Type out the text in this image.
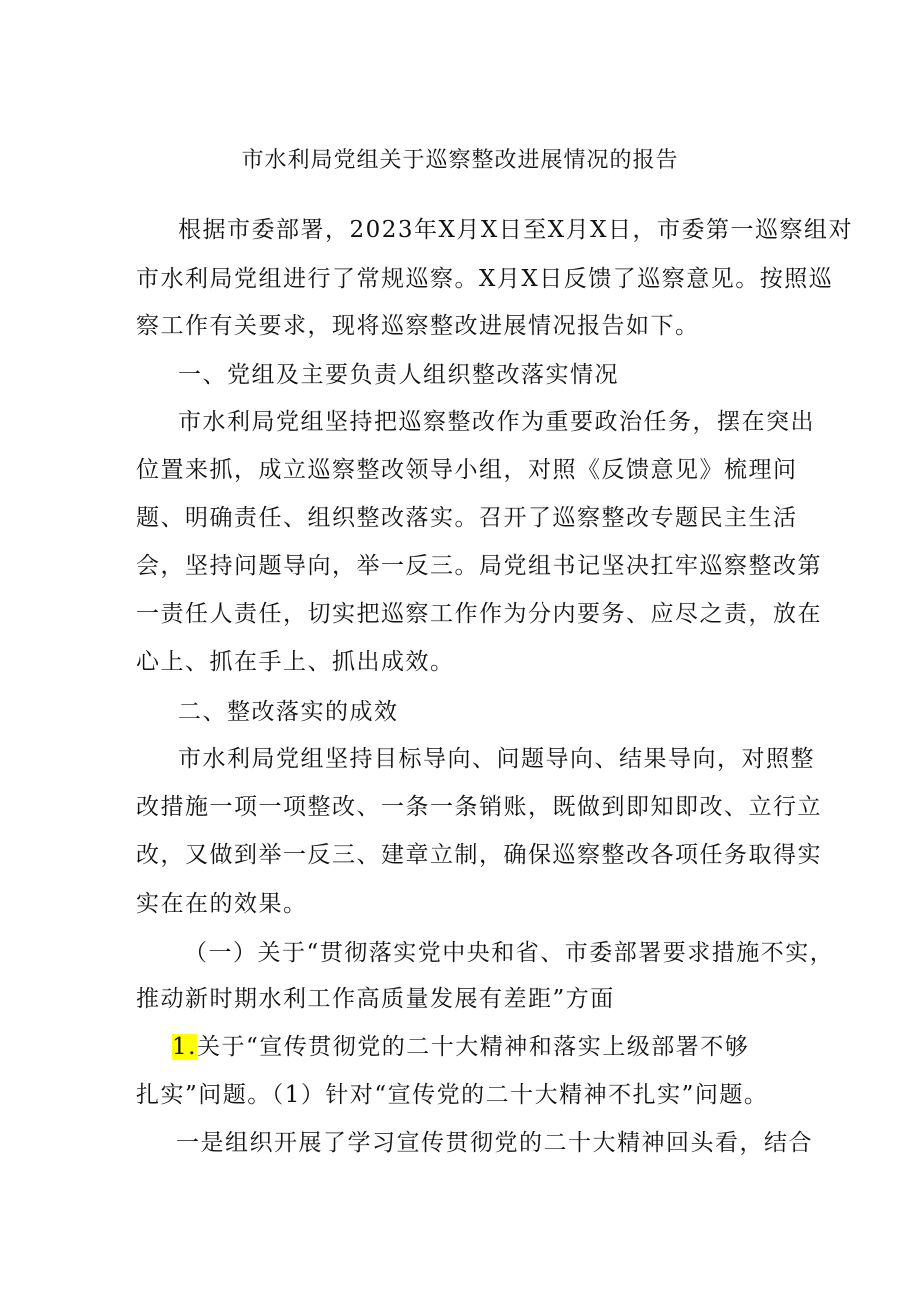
市水利局党组关于巡察整改进展情况的报告
根据市委部署，2023年X月X日至X月X日，市委第一巡察组对
市水利局党组进行了常规巡察。X月X日反馈了巡察意见。按照巡
察工作有关要求，现将巡察整改进展情况报告如下。
一、党组及主要负责人组织整改落实情况
市水利局党组坚持把巡察整改作为重要政治任务，摆在突出
位置来抓，成立巡察整改领导小组，对照《反馈意见》梳理问
题、明确责任、组织整改落实。召开了巡察整改专题民主生活
会，坚持问题导向，举一反三。局党组书记坚决扛牢巡察整改第
一责任人责任，切实把巡察工作作为分内要务、应尽之责，放在
心上、抓在手上、抓出成效。
二、整改落实的成效
市水利局党组坚持目标导向、问题导向、结果导向，对照整
改措施一项一项整改、一条一条销账，既做到即知即改、立行立
改，又做到举一反三、建章立制，确保巡察整改各项任务取得实
实在在的效果。
（一）关于“贯彻落实党中央和省、市委部署要求措施不实，
推动新时期水利工作高质量发展有差距”方面
1.关于“宣传贯彻党的二十大精神和落实上级部署不够
扎实”问题。（1）针对“宣传党的二十大精神不扎实”问题。
一是组织开展了学习宣传贯彻党的二十大精神回头看，结合
